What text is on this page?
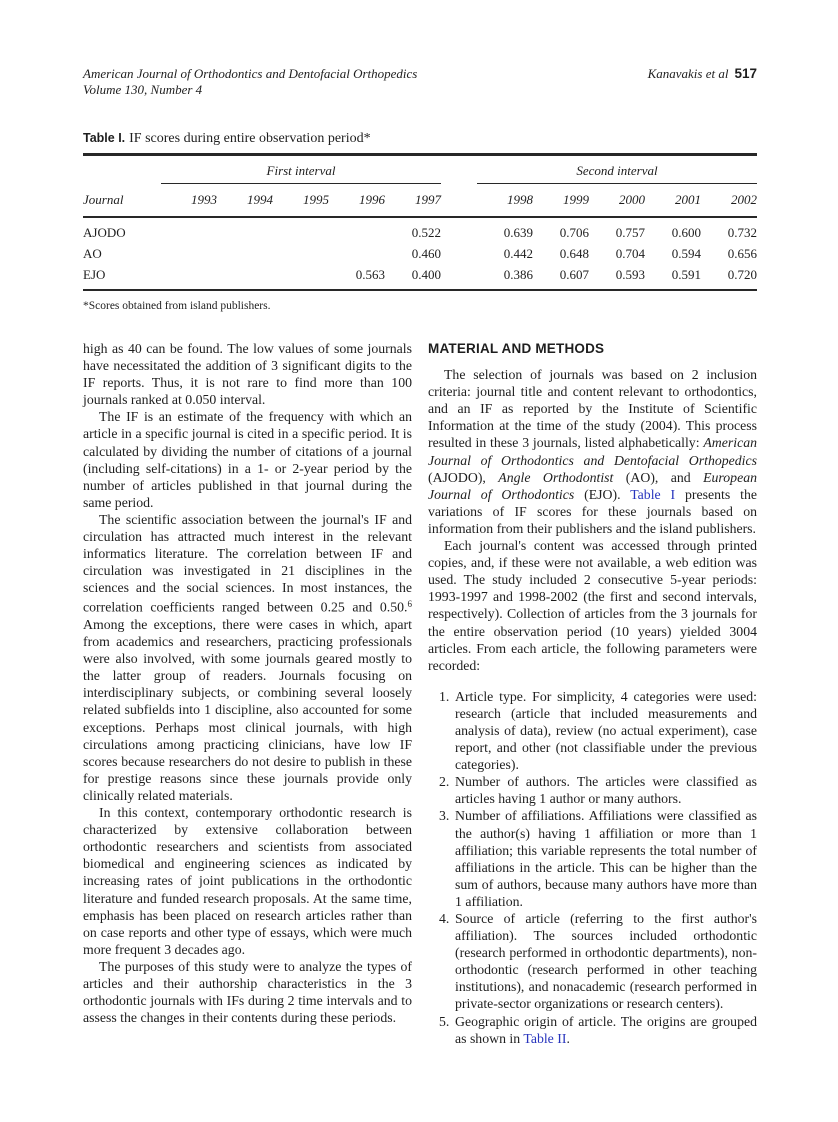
American Journal of Orthodontics and Dentofacial Orthopedics
Volume 130, Number 4
Kanavakis et al 517
Table I. IF scores during entire observation period*
	First interval						Second interval				
Journal	1993	1994	1995	1996	1997		1998	1999	2000	2001	2002
AJODO					0.522		0.639	0.706	0.757	0.600	0.732
AO					0.460		0.442	0.648	0.704	0.594	0.656
EJO				0.563	0.400		0.386	0.607	0.593	0.591	0.720
*Scores obtained from island publishers.

high as 40 can be found. The low values of some journals have necessitated the addition of 3 significant digits to the IF reports. Thus, it is not rare to find more than 100 journals ranked at 0.050 interval.

The IF is an estimate of the frequency with which an article in a specific journal is cited in a specific period. It is calculated by dividing the number of citations of a journal (including self-citations) in a 1- or 2-year period by the number of articles published in that journal during the same period.

The scientific association between the journal's IF and circulation has attracted much interest in the relevant informatics literature. The correlation between IF and circulation was investigated in 21 disciplines in the sciences and the social sciences. In most instances, the correlation coefficients ranged between 0.25 and 0.50.$^6$ Among the exceptions, there were cases in which, apart from academics and researchers, practicing professionals were also involved, with some journals geared mostly to the latter group of readers. Journals focusing on interdisciplinary subjects, or combining several loosely related subfields into 1 discipline, also accounted for some exceptions. Perhaps most clinical journals, with high circulations among practicing clinicians, have low IF scores because researchers do not desire to publish in these for prestige reasons since these journals provide only clinically related materials.

In this context, contemporary orthodontic research is characterized by extensive collaboration between orthodontic researchers and scientists from associated biomedical and engineering sciences as indicated by increasing rates of joint publications in the orthodontic literature and funded research proposals. At the same time, emphasis has been placed on research articles rather than on case reports and other type of essays, which were much more frequent 3 decades ago.

The purposes of this study were to analyze the types of articles and their authorship characteristics in the 3 orthodontic journals with IFs during 2 time intervals and to assess the changes in their contents during these periods.

MATERIAL AND METHODS

The selection of journals was based on 2 inclusion criteria: journal title and content relevant to orthodontics, and an IF as reported by the Institute of Scientific Information at the time of the study (2004). This process resulted in these 3 journals, listed alphabetically: American Journal of Orthodontics and Dentofacial Orthopedics (AJODO), Angle Orthodontist (AO), and European Journal of Orthodontics (EJO). Table I presents the variations of IF scores for these journals based on information from their publishers and the island publishers.

Each journal's content was accessed through printed copies, and, if these were not available, a web edition was used. The study included 2 consecutive 5-year periods: 1993-1997 and 1998-2002 (the first and second intervals, respectively). Collection of articles from the 3 journals for the entire observation period (10 years) yielded 3004 articles. From each article, the following parameters were recorded:

1. Article type. For simplicity, 4 categories were used: research (article that included measurements and analysis of data), review (no actual experiment), case report, and other (not classifiable under the previous categories).
2. Number of authors. The articles were classified as articles having 1 author or many authors.
3. Number of affiliations. Affiliations were classified as the author(s) having 1 affiliation or more than 1 affiliation; this variable represents the total number of affiliations in the article. This can be higher than the sum of authors, because many authors have more than 1 affiliation.
4. Source of article (referring to the first author's affiliation). The sources included orthodontic (research performed in orthodontic departments), non-orthodontic (research performed in other teaching institutions), and nonacademic (research performed in private-sector organizations or research centers).
5. Geographic origin of article. The origins are grouped as shown in Table II.
